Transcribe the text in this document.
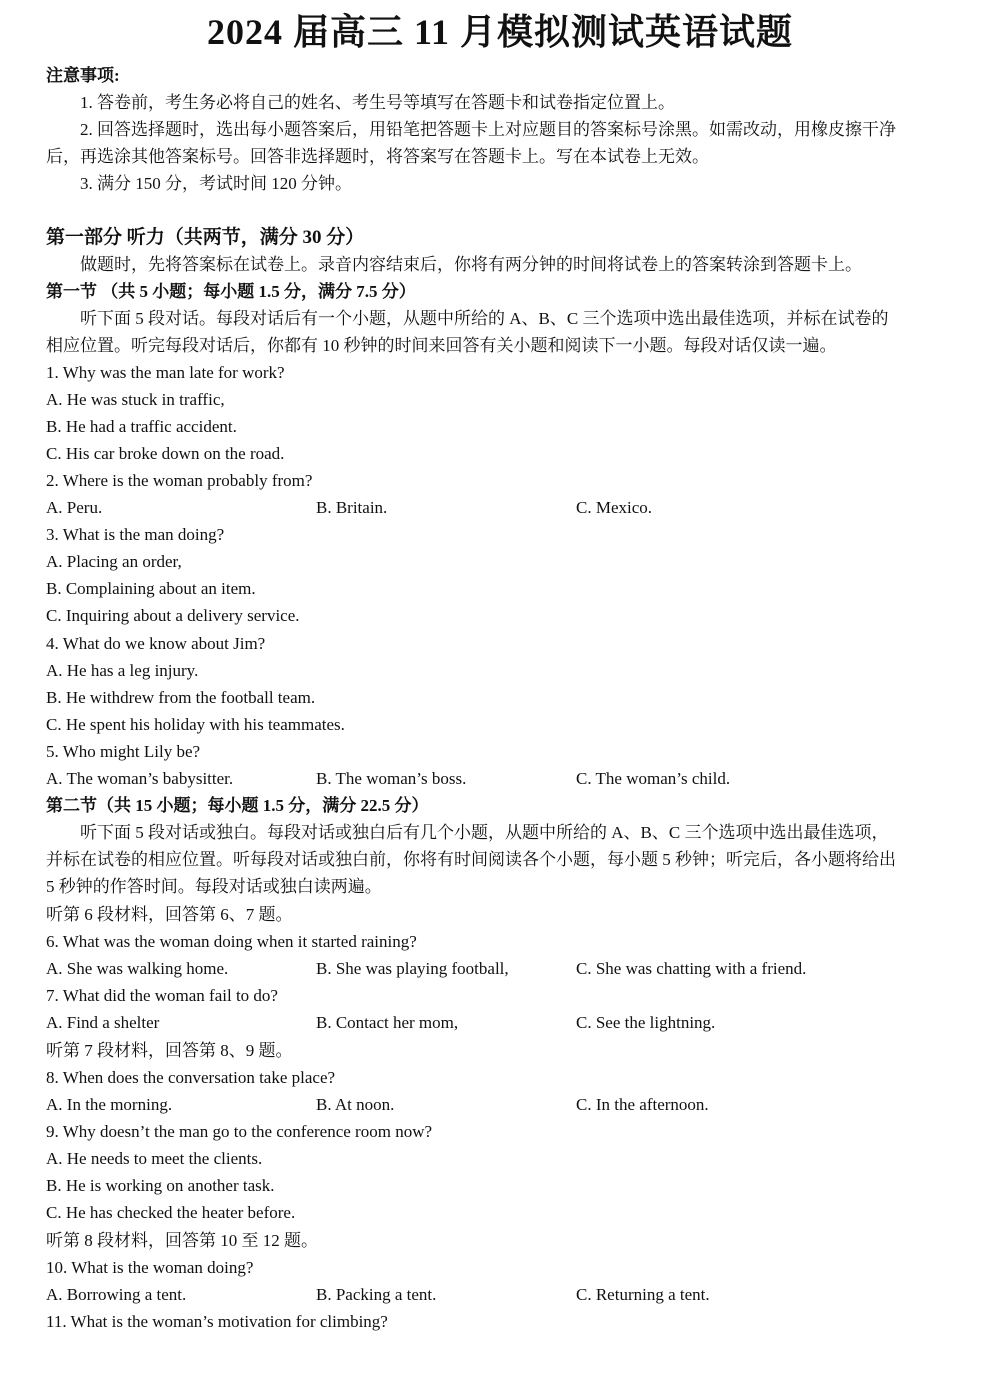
2024 届高三 11 月模拟测试英语试题
注意事项:
1. 答卷前，考生务必将自己的姓名、考生号等填写在答题卡和试卷指定位置上。
2. 回答选择题时，选出每小题答案后，用铅笔把答题卡上对应题目的答案标号涂黑。如需改动，用橡皮擦干净
后，再选涂其他答案标号。回答非选择题时，将答案写在答题卡上。写在本试卷上无效。
3. 满分 150 分，考试时间 120 分钟。
第一部分 听力（共两节，满分 30 分）
做题时，先将答案标在试卷上。录音内容结束后，你将有两分钟的时间将试卷上的答案转涂到答题卡上。
第一节 （共 5 小题；每小题 1.5 分，满分 7.5 分）
听下面 5 段对话。每段对话后有一个小题，从题中所给的 A、B、C 三个选项中选出最佳选项，并标在试卷的
相应位置。听完每段对话后，你都有 10 秒钟的时间来回答有关小题和阅读下一小题。每段对话仅读一遍。
1. Why was the man late for work?
A. He was stuck in traffic,
B. He had a traffic accident.
C. His car broke down on the road.
2. Where is the woman probably from?
A. Peru.	B. Britain.	C. Mexico.
3. What is the man doing?
A. Placing an order,
B. Complaining about an item.
C. Inquiring about a delivery service.
4. What do we know about Jim?
A. He has a leg injury.
B. He withdrew from the football team.
C. He spent his holiday with his teammates.
5. Who might Lily be?
A. The woman’s babysitter.	B. The woman’s boss.	C. The woman’s child.
第二节（共 15 小题；每小题 1.5 分，满分 22.5 分）
听下面 5 段对话或独白。每段对话或独白后有几个小题，从题中所给的 A、B、C 三个选项中选出最佳选项，
并标在试卷的相应位置。听每段对话或独白前，你将有时间阅读各个小题，每小题 5 秒钟；听完后，各小题将给出
5 秒钟的作答时间。每段对话或独白读两遍。
听第 6 段材料，回答第 6、7 题。
6. What was the woman doing when it started raining?
A. She was walking home.	B. She was playing football,	C. She was chatting with a friend.
7. What did the woman fail to do?
A. Find a shelter	B. Contact her mom,	C. See the lightning.
听第 7 段材料，回答第 8、9 题。
8. When does the conversation take place?
A. In the morning.	B. At noon.	C. In the afternoon.
9. Why doesn’t the man go to the conference room now?
A. He needs to meet the clients.
B. He is working on another task.
C. He has checked the heater before.
听第 8 段材料，回答第 10 至 12 题。
10. What is the woman doing?
A. Borrowing a tent.	B. Packing a tent.	C. Returning a tent.
11. What is the woman’s motivation for climbing?
